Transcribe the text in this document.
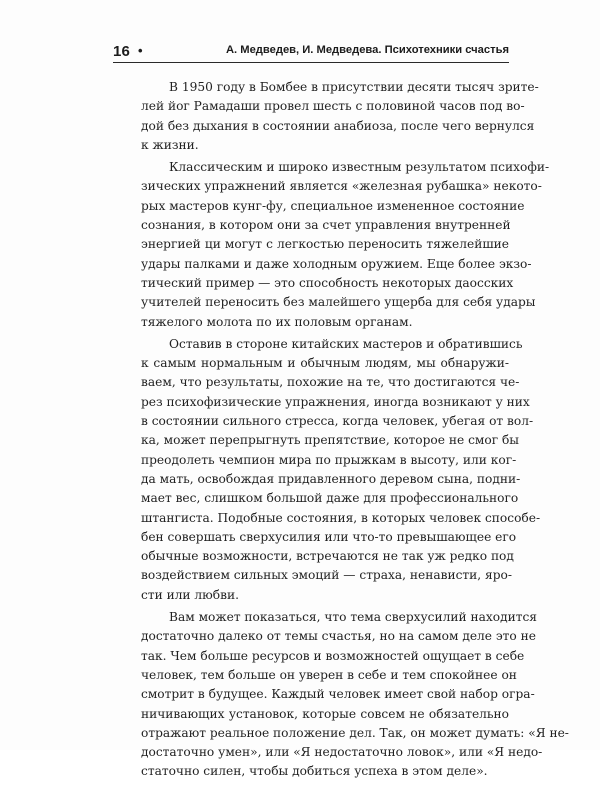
16 •	А. Медведев, И. Медведева. Психотехники счастья

В 1950 году в Бомбее в присутствии десяти тысяч зрите-
лей йог Рамадаши провел шесть с половиной часов под во-
дой без дыхания в состоянии анабиоза, после чего вернулся
к жизни.

Классическим и широко известным результатом психофи-
зических упражнений является «железная рубашка» некото-
рых мастеров кунг-фу, специальное измененное состояние
сознания, в котором они за счет управления внутренней
энергией ци могут с легкостью переносить тяжелейшие
удары палками и даже холодным оружием. Еще более экзо-
тический пример — это способность некоторых даосских
учителей переносить без малейшего ущерба для себя удары
тяжелого молота по их половым органам.

Оставив в стороне китайских мастеров и обратившись
к самым нормальным и обычным людям, мы обнаружи-
ваем, что результаты, похожие на те, что достигаются че-
рез психофизические упражнения, иногда возникают у них
в состоянии сильного стресса, когда человек, убегая от вол-
ка, может перепрыгнуть препятствие, которое не смог бы
преодолеть чемпион мира по прыжкам в высоту, или ког-
да мать, освобождая придавленного деревом сына, подни-
мает вес, слишком большой даже для профессионального
штангиста. Подобные состояния, в которых человек способе-
бен совершать сверхусилия или что-то превышающее его
обычные возможности, встречаются не так уж редко под
воздействием сильных эмоций — страха, ненависти, яро-
сти или любви.

Вам может показаться, что тема сверхусилий находится
достаточно далеко от темы счастья, но на самом деле это не
так. Чем больше ресурсов и возможностей ощущает в себе
человек, тем больше он уверен в себе и тем спокойнее он
смотрит в будущее. Каждый человек имеет свой набор огра-
ничивающих установок, которые совсем не обязательно
отражают реальное положение дел. Так, он может думать: «Я не-
достаточно умен», или «Я недостаточно ловок», или «Я недо-
статочно силен, чтобы добиться успеха в этом деле».
